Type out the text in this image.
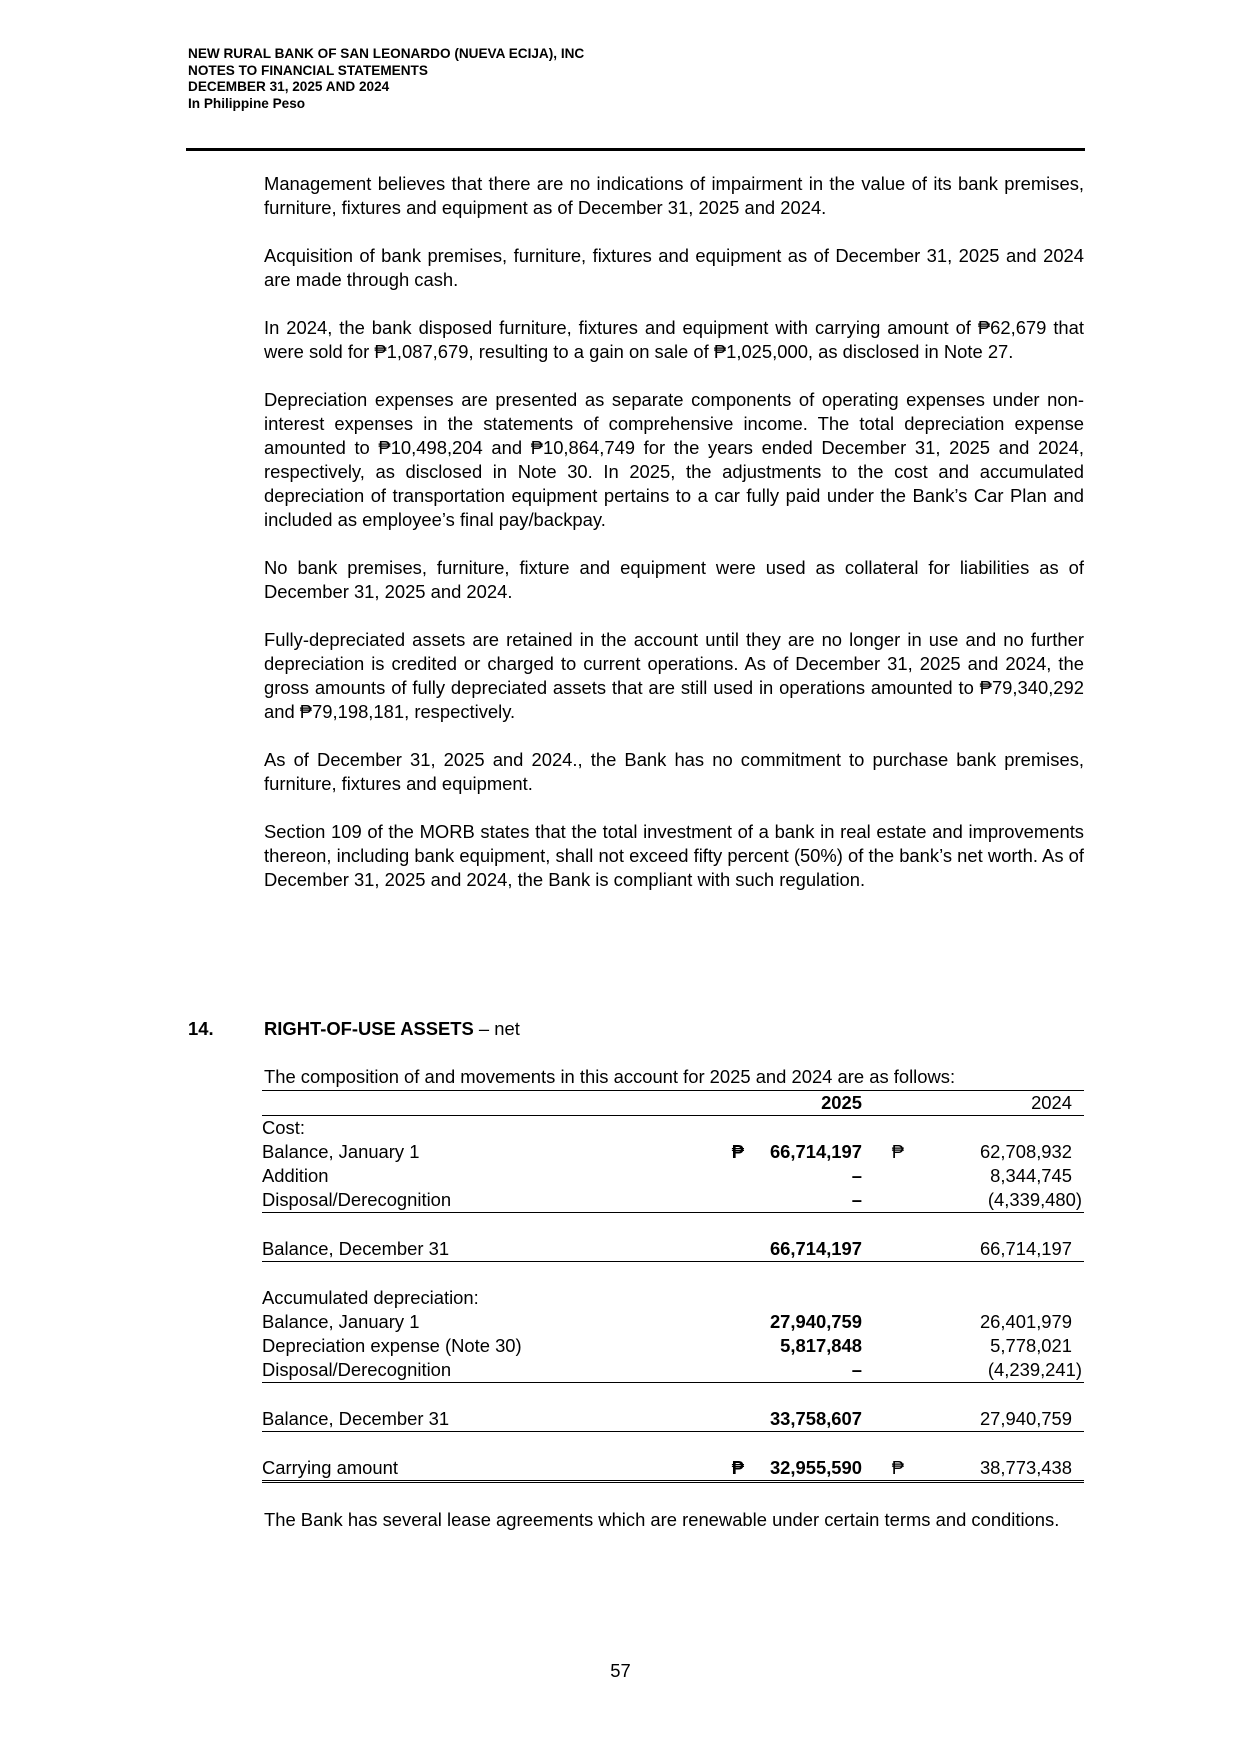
NEW RURAL BANK OF SAN LEONARDO (NUEVA ECIJA), INC
NOTES TO FINANCIAL STATEMENTS
DECEMBER 31, 2025 AND 2024
In Philippine Peso

Management believes that there are no indications of impairment in the value of its bank premises, furniture, fixtures and equipment as of December 31, 2025 and 2024.

Acquisition of bank premises, furniture, fixtures and equipment as of December 31, 2025 and 2024 are made through cash.

In 2024, the bank disposed furniture, fixtures and equipment with carrying amount of ₱62,679 that were sold for ₱1,087,679, resulting to a gain on sale of ₱1,025,000, as disclosed in Note 27.

Depreciation expenses are presented as separate components of operating expenses under non-interest expenses in the statements of comprehensive income. The total depreciation expense amounted to ₱10,498,204 and ₱10,864,749 for the years ended December 31, 2025 and 2024, respectively, as disclosed in Note 30. In 2025, the adjustments to the cost and accumulated depreciation of transportation equipment pertains to a car fully paid under the Bank’s Car Plan and included as employee’s final pay/backpay.

No bank premises, furniture, fixture and equipment were used as collateral for liabilities as of December 31, 2025 and 2024.

Fully-depreciated assets are retained in the account until they are no longer in use and no further depreciation is credited or charged to current operations. As of December 31, 2025 and 2024, the gross amounts of fully depreciated assets that are still used in operations amounted to ₱79,340,292 and ₱79,198,181, respectively.

As of December 31, 2025 and 2024., the Bank has no commitment to purchase bank premises, furniture, fixtures and equipment.

Section 109 of the MORB states that the total investment of a bank in real estate and improvements thereon, including bank equipment, shall not exceed fifty percent (50%) of the bank’s net worth. As of December 31, 2025 and 2024, the Bank is compliant with such regulation.

14.	RIGHT-OF-USE ASSETS – net
The composition of and movements in this account for 2025 and 2024 are as follows:
		2025		2024
Cost:				
Balance, January 1	₱	66,714,197	₱	62,708,932
Addition		–		8,344,745
Disposal/Derecognition		–		(4,339,480)

Balance, December 31		66,714,197		66,714,197

Accumulated depreciation:				
Balance, January 1		27,940,759		26,401,979
Depreciation expense (Note 30)		5,817,848		5,778,021
Disposal/Derecognition		–		(4,239,241)

Balance, December 31		33,758,607		27,940,759

Carrying amount	₱	32,955,590	₱	38,773,438
The Bank has several lease agreements which are renewable under certain terms and conditions.
57
